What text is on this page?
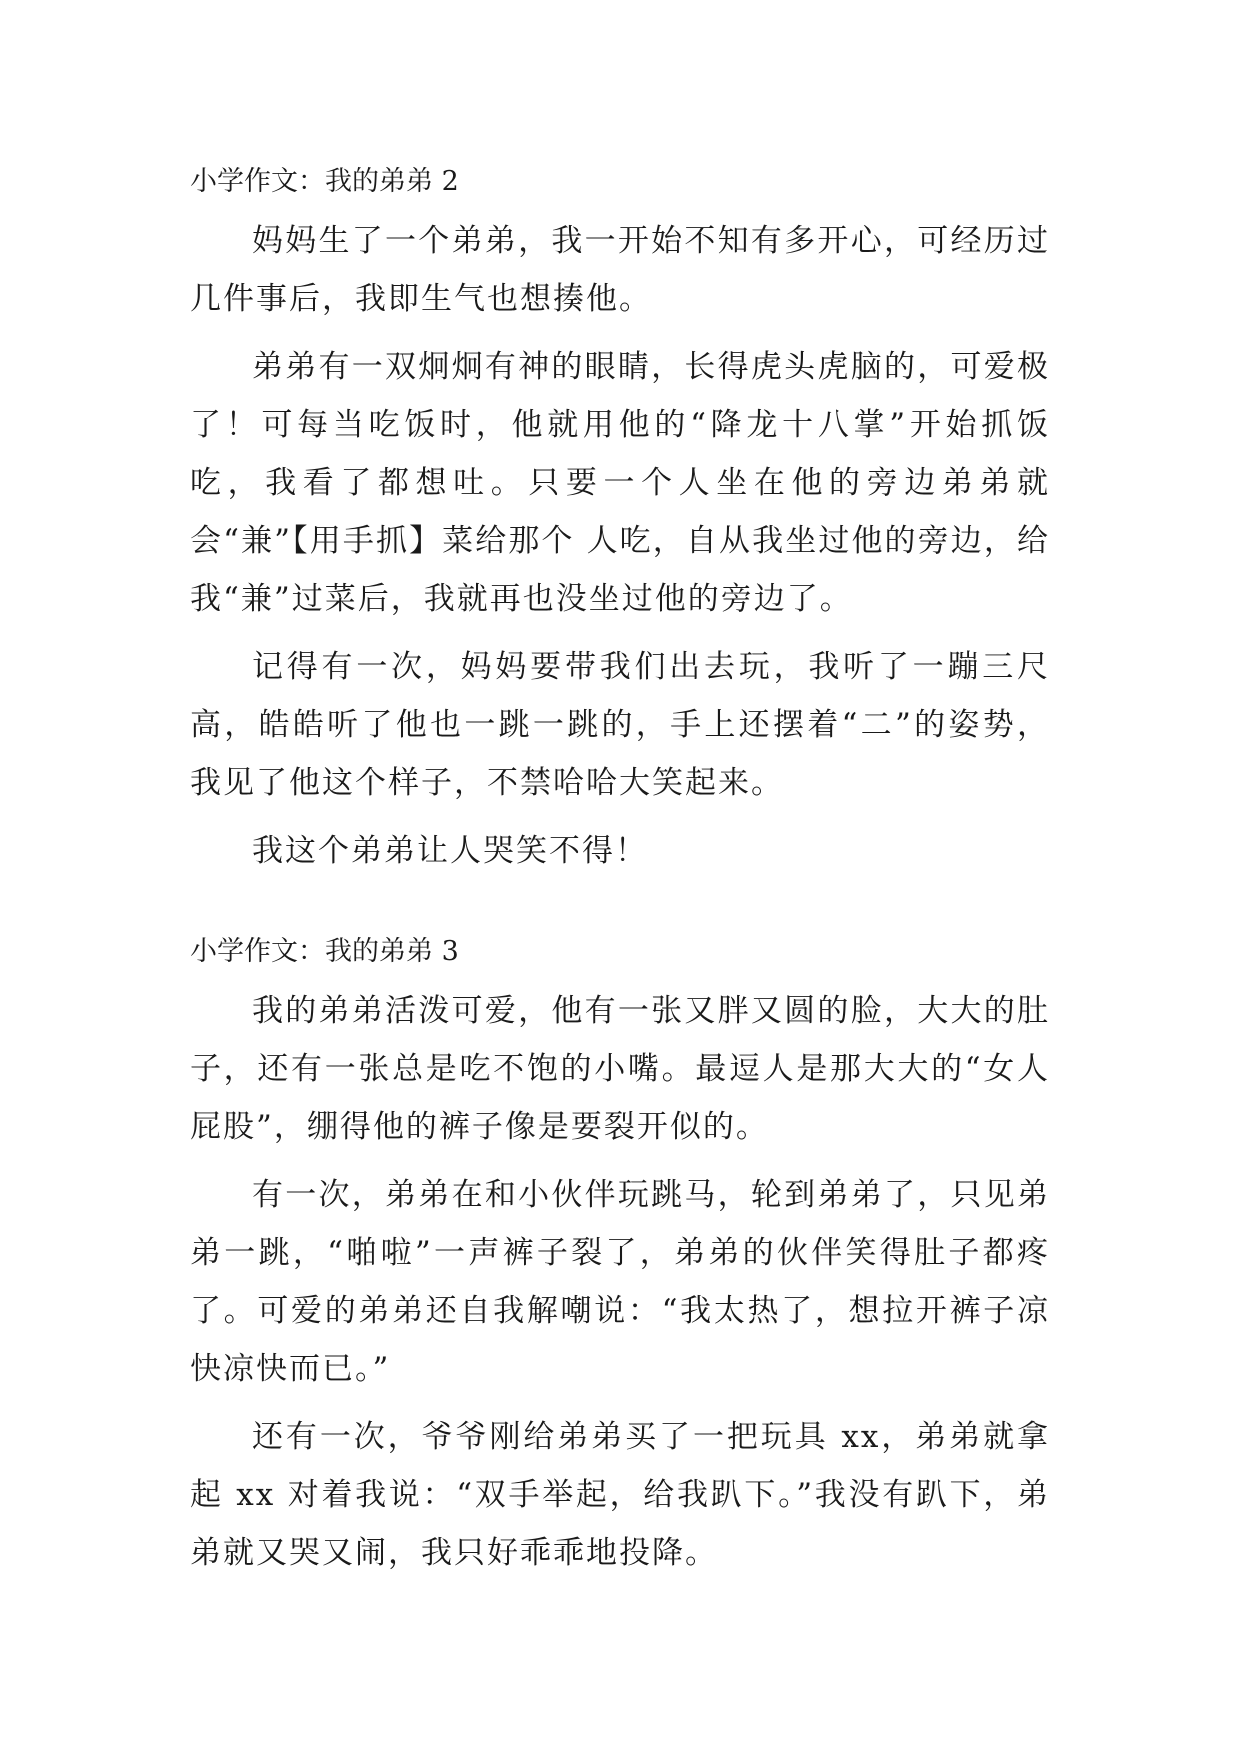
小学作文：我的弟弟 2

妈妈生了一个弟弟，我一开始不知有多开心，可经历过几件事后，我即生气也想揍他。

弟弟有一双炯炯有神的眼睛，长得虎头虎脑的，可爱极了！可每当吃饭时，他就用他的“降龙十八掌”开始抓饭吃，我看了都想吐。只要一个人坐在他的旁边弟弟就会“兼”【用手抓】菜给那个 人吃，自从我坐过他的旁边，给我“兼”过菜后，我就再也没坐过他的旁边了。

记得有一次，妈妈要带我们出去玩，我听了一蹦三尺高，皓皓听了他也一跳一跳的，手上还摆着“二”的姿势，我见了他这个样子，不禁哈哈大笑起来。

我这个弟弟让人哭笑不得！

小学作文：我的弟弟 3

我的弟弟活泼可爱，他有一张又胖又圆的脸，大大的肚子，还有一张总是吃不饱的小嘴。最逗人是那大大的“女人屁股”，绷得他的裤子像是要裂开似的。

有一次，弟弟在和小伙伴玩跳马，轮到弟弟了，只见弟弟一跳，“啪啦”一声裤子裂了，弟弟的伙伴笑得肚子都疼了。可爱的弟弟还自我解嘲说：“我太热了，想拉开裤子凉快凉快而已。”

还有一次，爷爷刚给弟弟买了一把玩具 xx，弟弟就拿起 xx 对着我说：“双手举起，给我趴下。”我没有趴下，弟弟就又哭又闹，我只好乖乖地投降。
